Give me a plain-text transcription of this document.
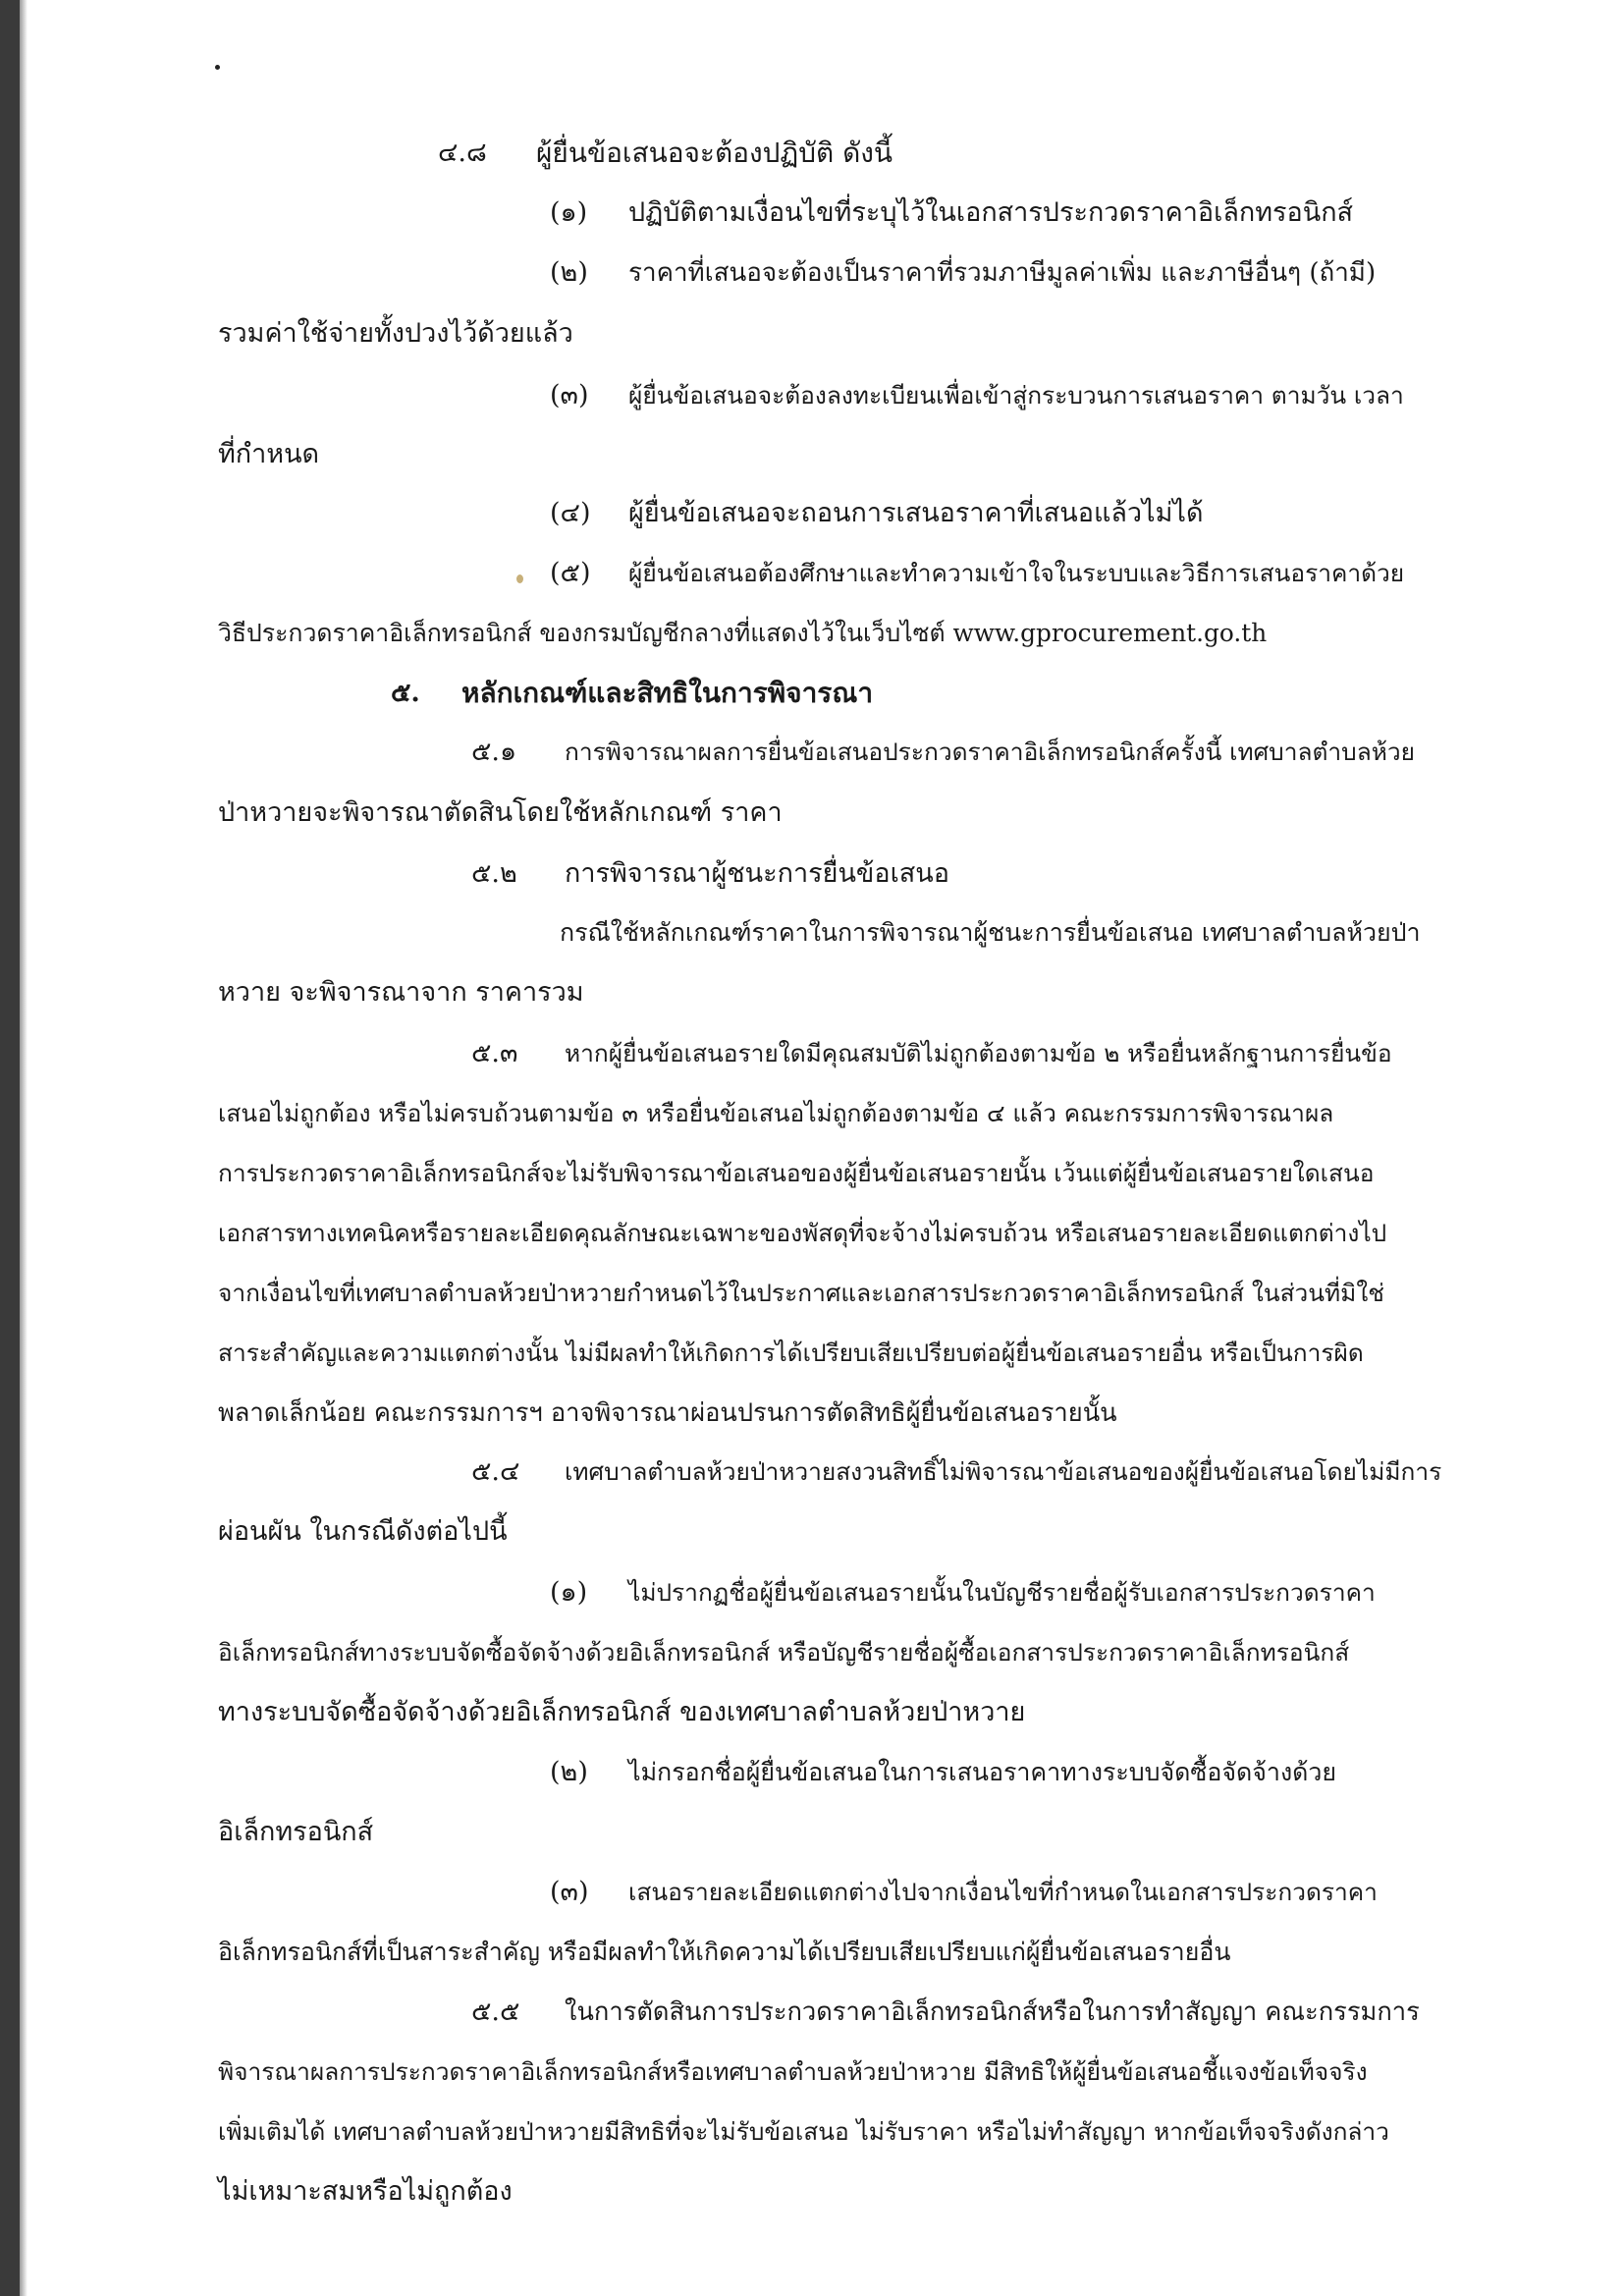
๔.๘ ผู้ยื่นข้อเสนอจะต้องปฏิบัติ ดังนี้
(๑) ปฏิบัติตามเงื่อนไขที่ระบุไว้ในเอกสารประกวดราคาอิเล็กทรอนิกส์
(๒) ราคาที่เสนอจะต้องเป็นราคาที่รวมภาษีมูลค่าเพิ่ม และภาษีอื่นๆ (ถ้ามี)
รวมค่าใช้จ่ายทั้งปวงไว้ด้วยแล้ว
(๓) ผู้ยื่นข้อเสนอจะต้องลงทะเบียนเพื่อเข้าสู่กระบวนการเสนอราคา ตามวัน เวลา
ที่กำหนด
(๔) ผู้ยื่นข้อเสนอจะถอนการเสนอราคาที่เสนอแล้วไม่ได้
(๕) ผู้ยื่นข้อเสนอต้องศึกษาและทำความเข้าใจในระบบและวิธีการเสนอราคาด้วย
วิธีประกวดราคาอิเล็กทรอนิกส์ ของกรมบัญชีกลางที่แสดงไว้ในเว็บไซต์ www.gprocurement.go.th
๕. หลักเกณฑ์และสิทธิในการพิจารณา
๕.๑ การพิจารณาผลการยื่นข้อเสนอประกวดราคาอิเล็กทรอนิกส์ครั้งนี้ เทศบาลตำบลห้วย
ป่าหวายจะพิจารณาตัดสินโดยใช้หลักเกณฑ์ ราคา
๕.๒ การพิจารณาผู้ชนะการยื่นข้อเสนอ
กรณีใช้หลักเกณฑ์ราคาในการพิจารณาผู้ชนะการยื่นข้อเสนอ เทศบาลตำบลห้วยป่า
หวาย จะพิจารณาจาก ราคารวม
๕.๓ หากผู้ยื่นข้อเสนอรายใดมีคุณสมบัติไม่ถูกต้องตามข้อ ๒ หรือยื่นหลักฐานการยื่นข้อ
เสนอไม่ถูกต้อง หรือไม่ครบถ้วนตามข้อ ๓ หรือยื่นข้อเสนอไม่ถูกต้องตามข้อ ๔ แล้ว คณะกรรมการพิจารณาผล
การประกวดราคาอิเล็กทรอนิกส์จะไม่รับพิจารณาข้อเสนอของผู้ยื่นข้อเสนอรายนั้น เว้นแต่ผู้ยื่นข้อเสนอรายใดเสนอ
เอกสารทางเทคนิคหรือรายละเอียดคุณลักษณะเฉพาะของพัสดุที่จะจ้างไม่ครบถ้วน หรือเสนอรายละเอียดแตกต่างไป
จากเงื่อนไขที่เทศบาลตำบลห้วยป่าหวายกำหนดไว้ในประกาศและเอกสารประกวดราคาอิเล็กทรอนิกส์ ในส่วนที่มิใช่
สาระสำคัญและความแตกต่างนั้น ไม่มีผลทำให้เกิดการได้เปรียบเสียเปรียบต่อผู้ยื่นข้อเสนอรายอื่น หรือเป็นการผิด
พลาดเล็กน้อย คณะกรรมการฯ อาจพิจารณาผ่อนปรนการตัดสิทธิผู้ยื่นข้อเสนอรายนั้น
๕.๔ เทศบาลตำบลห้วยป่าหวายสงวนสิทธิ์ไม่พิจารณาข้อเสนอของผู้ยื่นข้อเสนอโดยไม่มีการ
ผ่อนผัน ในกรณีดังต่อไปนี้
(๑) ไม่ปรากฏชื่อผู้ยื่นข้อเสนอรายนั้นในบัญชีรายชื่อผู้รับเอกสารประกวดราคา
อิเล็กทรอนิกส์ทางระบบจัดซื้อจัดจ้างด้วยอิเล็กทรอนิกส์ หรือบัญชีรายชื่อผู้ซื้อเอกสารประกวดราคาอิเล็กทรอนิกส์
ทางระบบจัดซื้อจัดจ้างด้วยอิเล็กทรอนิกส์ ของเทศบาลตำบลห้วยป่าหวาย
(๒) ไม่กรอกชื่อผู้ยื่นข้อเสนอในการเสนอราคาทางระบบจัดซื้อจัดจ้างด้วย
อิเล็กทรอนิกส์
(๓) เสนอรายละเอียดแตกต่างไปจากเงื่อนไขที่กำหนดในเอกสารประกวดราคา
อิเล็กทรอนิกส์ที่เป็นสาระสำคัญ หรือมีผลทำให้เกิดความได้เปรียบเสียเปรียบแก่ผู้ยื่นข้อเสนอรายอื่น
๕.๕ ในการตัดสินการประกวดราคาอิเล็กทรอนิกส์หรือในการทำสัญญา คณะกรรมการ
พิจารณาผลการประกวดราคาอิเล็กทรอนิกส์หรือเทศบาลตำบลห้วยป่าหวาย มีสิทธิให้ผู้ยื่นข้อเสนอชี้แจงข้อเท็จจริง
เพิ่มเติมได้ เทศบาลตำบลห้วยป่าหวายมีสิทธิที่จะไม่รับข้อเสนอ ไม่รับราคา หรือไม่ทำสัญญา หากข้อเท็จจริงดังกล่าว
ไม่เหมาะสมหรือไม่ถูกต้อง
